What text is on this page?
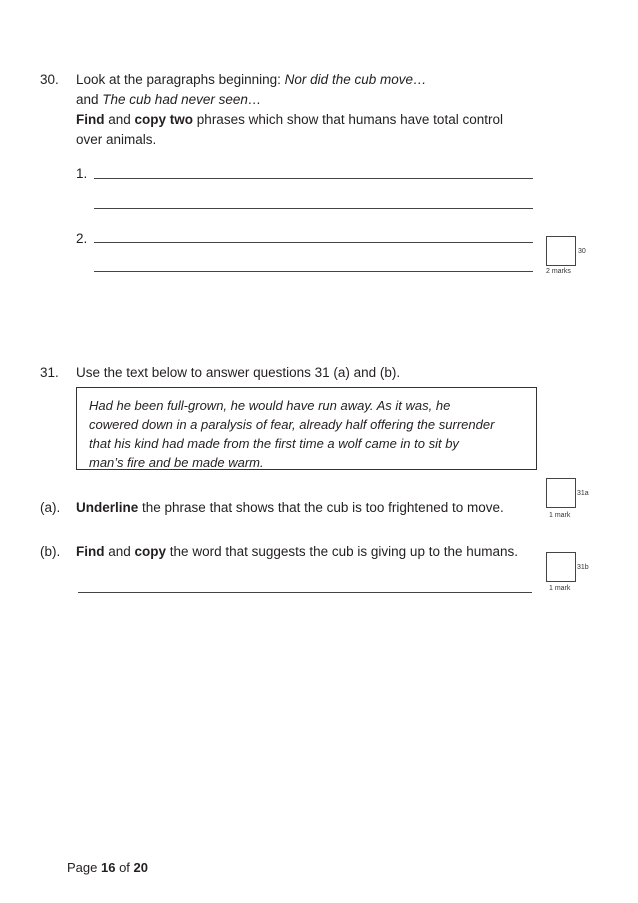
30. Look at the paragraphs beginning: Nor did the cub move…
and The cub had never seen…
Find and copy two phrases which show that humans have total control
over animals.
1.
2.
30
2 marks
31. Use the text below to answer questions 31 (a) and (b).
Had he been full-grown, he would have run away. As it was, he
cowered down in a paralysis of fear, already half offering the surrender
that his kind had made from the first time a wolf came in to sit by
man’s fire and be made warm.
(a). Underline the phrase that shows that the cub is too frightened to move.
31a
1 mark
(b). Find and copy the word that suggests the cub is giving up to the humans.
31b
1 mark
Page 16 of 20
